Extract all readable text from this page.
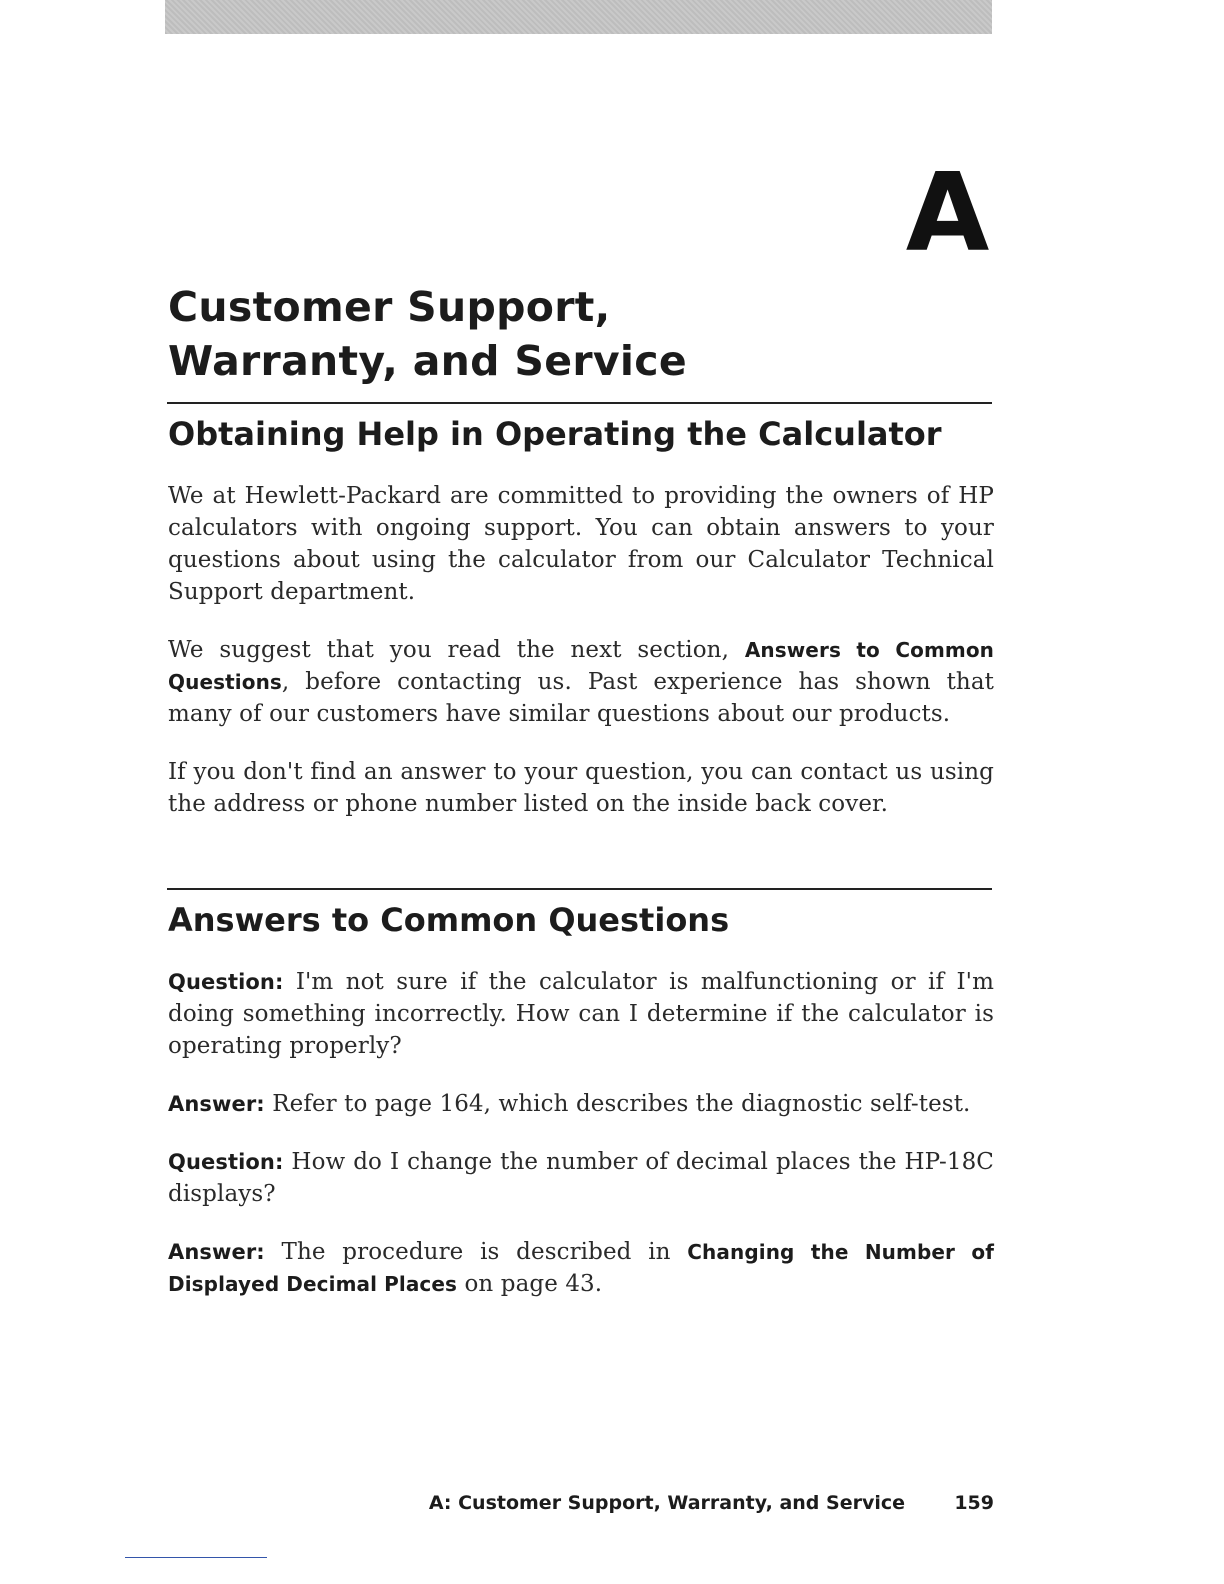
A
Customer Support,
Warranty, and Service
Obtaining Help in Operating the Calculator

We at Hewlett-Packard are committed to providing the owners of HP calculators with ongoing support. You can obtain answers to your questions about using the calculator from our Calculator Technical Support department.

We suggest that you read the next section, Answers to Common Questions, before contacting us. Past experience has shown that many of our customers have similar questions about our products.

If you don't find an answer to your question, you can contact us using the address or phone number listed on the inside back cover.

Answers to Common Questions

Question: I'm not sure if the calculator is malfunctioning or if I'm doing something incorrectly. How can I determine if the calculator is operating properly?

Answer: Refer to page 164, which describes the diagnostic self-test.

Question: How do I change the number of decimal places the HP-18C displays?

Answer: The procedure is described in Changing the Number of Displayed Decimal Places on page 43.

A: Customer Support, Warranty, and Service	159
